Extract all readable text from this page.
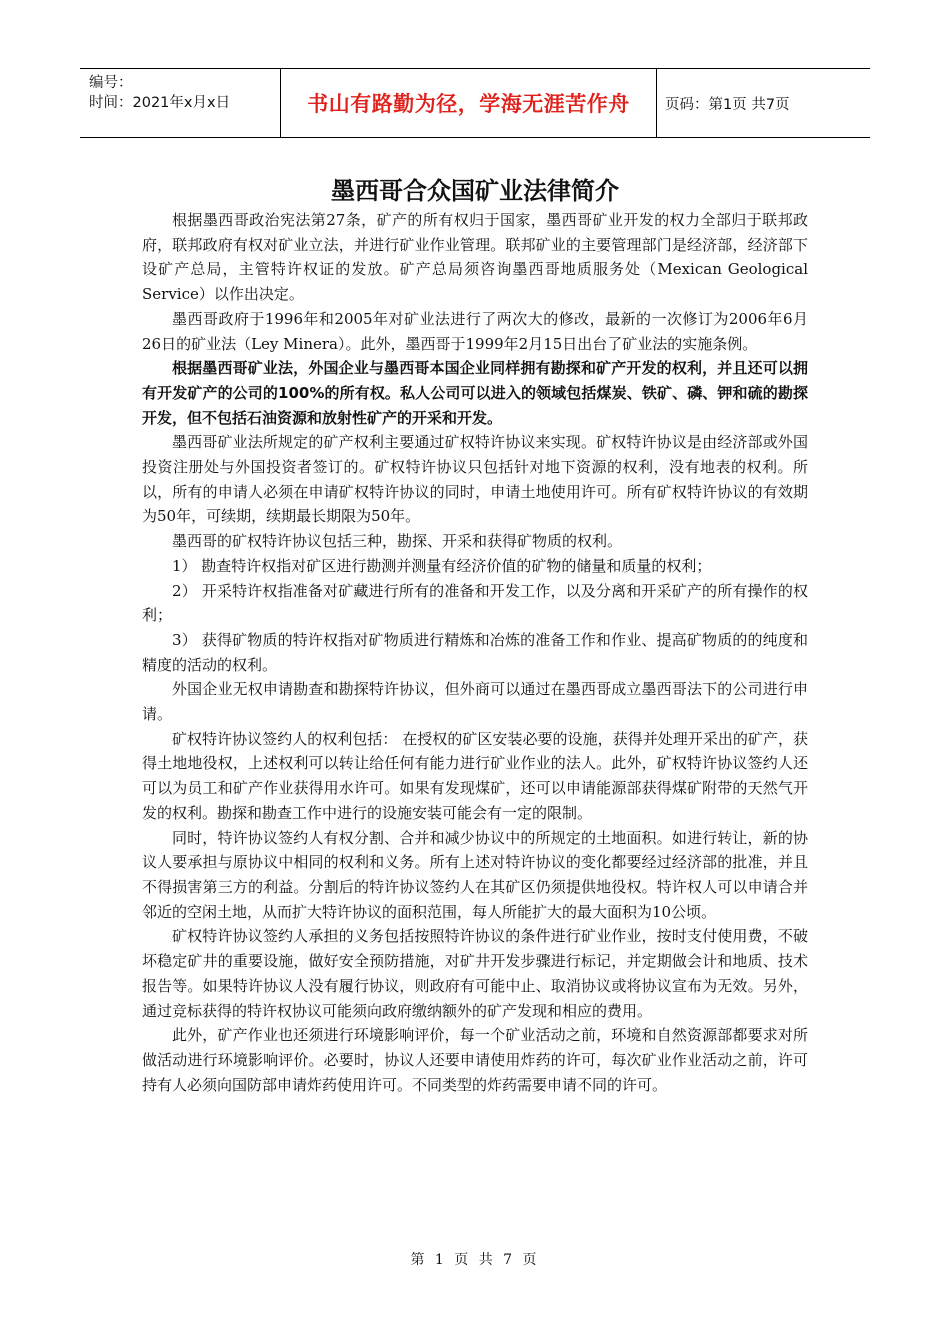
编号：
时间：2021年x月x日	书山有路勤为径，学海无涯苦作舟 页码：第1页 共7页
墨西哥合众国矿业法律简介

根据墨西哥政治宪法第27条，矿产的所有权归于国家，墨西哥矿业开发的权力全部归于联邦政府，联邦政府有权对矿业立法，并进行矿业作业管理。联邦矿业的主要管理部门是经济部，经济部下设矿产总局，主管特许权证的发放。矿产总局须咨询墨西哥地质服务处（Mexican Geological Service）以作出决定。

墨西哥政府于1996年和2005年对矿业法进行了两次大的修改，最新的一次修订为2006年6月26日的矿业法（Ley Minera）。此外，墨西哥于1999年2月15日出台了矿业法的实施条例。

根据墨西哥矿业法，外国企业与墨西哥本国企业同样拥有勘探和矿产开发的权利，并且还可以拥有开发矿产的公司的100%的所有权。私人公司可以进入的领域包括煤炭、铁矿、磷、钾和硫的勘探开发，但不包括石油资源和放射性矿产的开采和开发。

墨西哥矿业法所规定的矿产权利主要通过矿权特许协议来实现。矿权特许协议是由经济部或外国投资注册处与外国投资者签订的。矿权特许协议只包括针对地下资源的权利，没有地表的权利。所以，所有的申请人必须在申请矿权特许协议的同时，申请土地使用许可。所有矿权特许协议的有效期为50年，可续期，续期最长期限为50年。

墨西哥的矿权特许协议包括三种，勘探、开采和获得矿物质的权利。

1） 勘查特许权指对矿区进行勘测并测量有经济价值的矿物的储量和质量的权利；

2） 开采特许权指准备对矿藏进行所有的准备和开发工作，以及分离和开采矿产的所有操作的权利；

3） 获得矿物质的特许权指对矿物质进行精炼和冶炼的准备工作和作业、提高矿物质的的纯度和精度的活动的权利。

外国企业无权申请勘查和勘探特许协议，但外商可以通过在墨西哥成立墨西哥法下的公司进行申请。

矿权特许协议签约人的权利包括： 在授权的矿区安装必要的设施，获得并处理开采出的矿产，获得土地地役权，上述权利可以转让给任何有能力进行矿业作业的法人。此外，矿权特许协议签约人还可以为员工和矿产作业获得用水许可。如果有发现煤矿，还可以申请能源部获得煤矿附带的天然气开发的权利。勘探和勘查工作中进行的设施安装可能会有一定的限制。

同时，特许协议签约人有权分割、合并和减少协议中的所规定的土地面积。如进行转让，新的协议人要承担与原协议中相同的权利和义务。所有上述对特许协议的变化都要经过经济部的批准，并且不得损害第三方的利益。分割后的特许协议签约人在其矿区仍须提供地役权。特许权人可以申请合并邻近的空闲土地，从而扩大特许协议的面积范围，每人所能扩大的最大面积为10公顷。

矿权特许协议签约人承担的义务包括按照特许协议的条件进行矿业作业，按时支付使用费，不破坏稳定矿井的重要设施，做好安全预防措施，对矿井开发步骤进行标记，并定期做会计和地质、技术报告等。如果特许协议人没有履行协议，则政府有可能中止、取消协议或将协议宣布为无效。另外，通过竞标获得的特许权协议可能须向政府缴纳额外的矿产发现和相应的费用。

此外，矿产作业也还须进行环境影响评价，每一个矿业活动之前，环境和自然资源部都要求对所做活动进行环境影响评价。必要时，协议人还要申请使用炸药的许可，每次矿业作业活动之前，许可持有人必须向国防部申请炸药使用许可。不同类型的炸药需要申请不同的许可。

第 1 页 共 7 页
